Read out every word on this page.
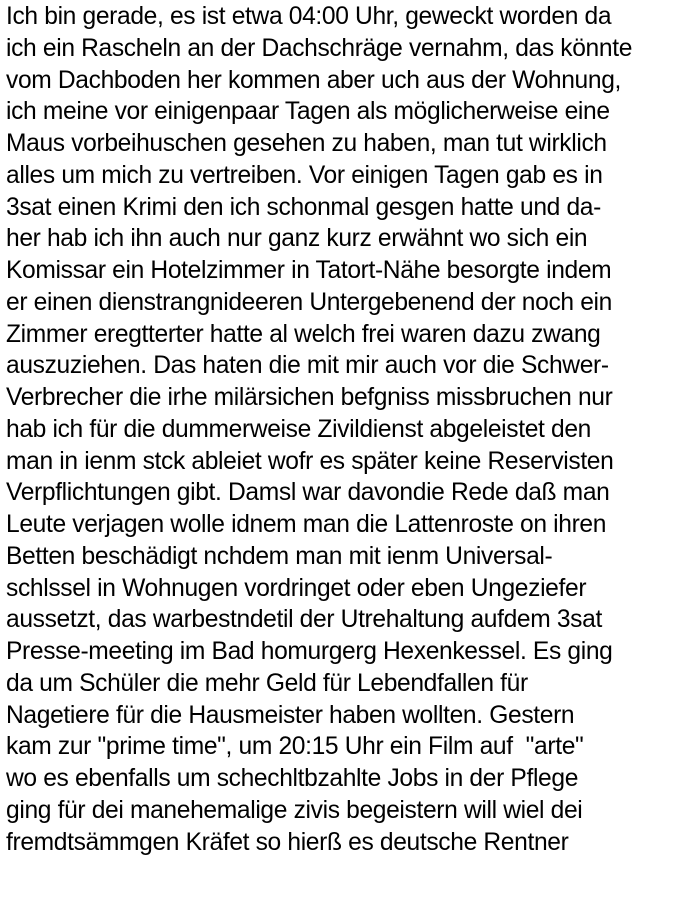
Ich bin gerade, es ist etwa 04:00 Uhr, geweckt worden da
ich ein Rascheln an der Dachschräge vernahm, das könnte
vom Dachboden her kommen aber uch aus der Wohnung,
ich meine vor einigenpaar Tagen als möglicherweise eine
Maus vorbeihuschen gesehen zu haben, man tut wirklich
alles um mich zu vertreiben. Vor einigen Tagen gab es in
3sat einen Krimi den ich schonmal gesgen hatte und da-
her hab ich ihn auch nur ganz kurz erwähnt wo sich ein
Komissar ein Hotelzimmer in Tatort-Nähe besorgte indem
er einen dienstrangnideeren Untergebenend der noch ein
Zimmer eregtterter hatte al welch frei waren dazu zwang
auszuziehen. Das haten die mit mir auch vor die Schwer-
Verbrecher die irhe milärsichen befgniss missbruchen nur
hab ich für die dummerweise Zivildienst abgeleistet den
man in ienm stck ableiet wofr es später keine Reservisten
Verpflichtungen gibt. Damsl war davondie Rede daß man
Leute verjagen wolle idnem man die Lattenroste on ihren
Betten beschädigt nchdem man mit ienm Universal-
schlssel in Wohnugen vordringet oder eben Ungeziefer
aussetzt, das warbestndetil der Utrehaltung aufdem 3sat
Presse-meeting im Bad homurgerg Hexenkessel. Es ging
da um Schüler die mehr Geld für Lebendfallen für
Nagetiere für die Hausmeister haben wollten. Gestern
kam zur "prime time", um 20:15 Uhr ein Film auf  "arte"
wo es ebenfalls um schechltbzahlte Jobs in der Pflege
ging für dei manehemalige zivis begeistern will wiel dei
fremdtsämmgen Kräfet so hierß es deutsche Rentner
